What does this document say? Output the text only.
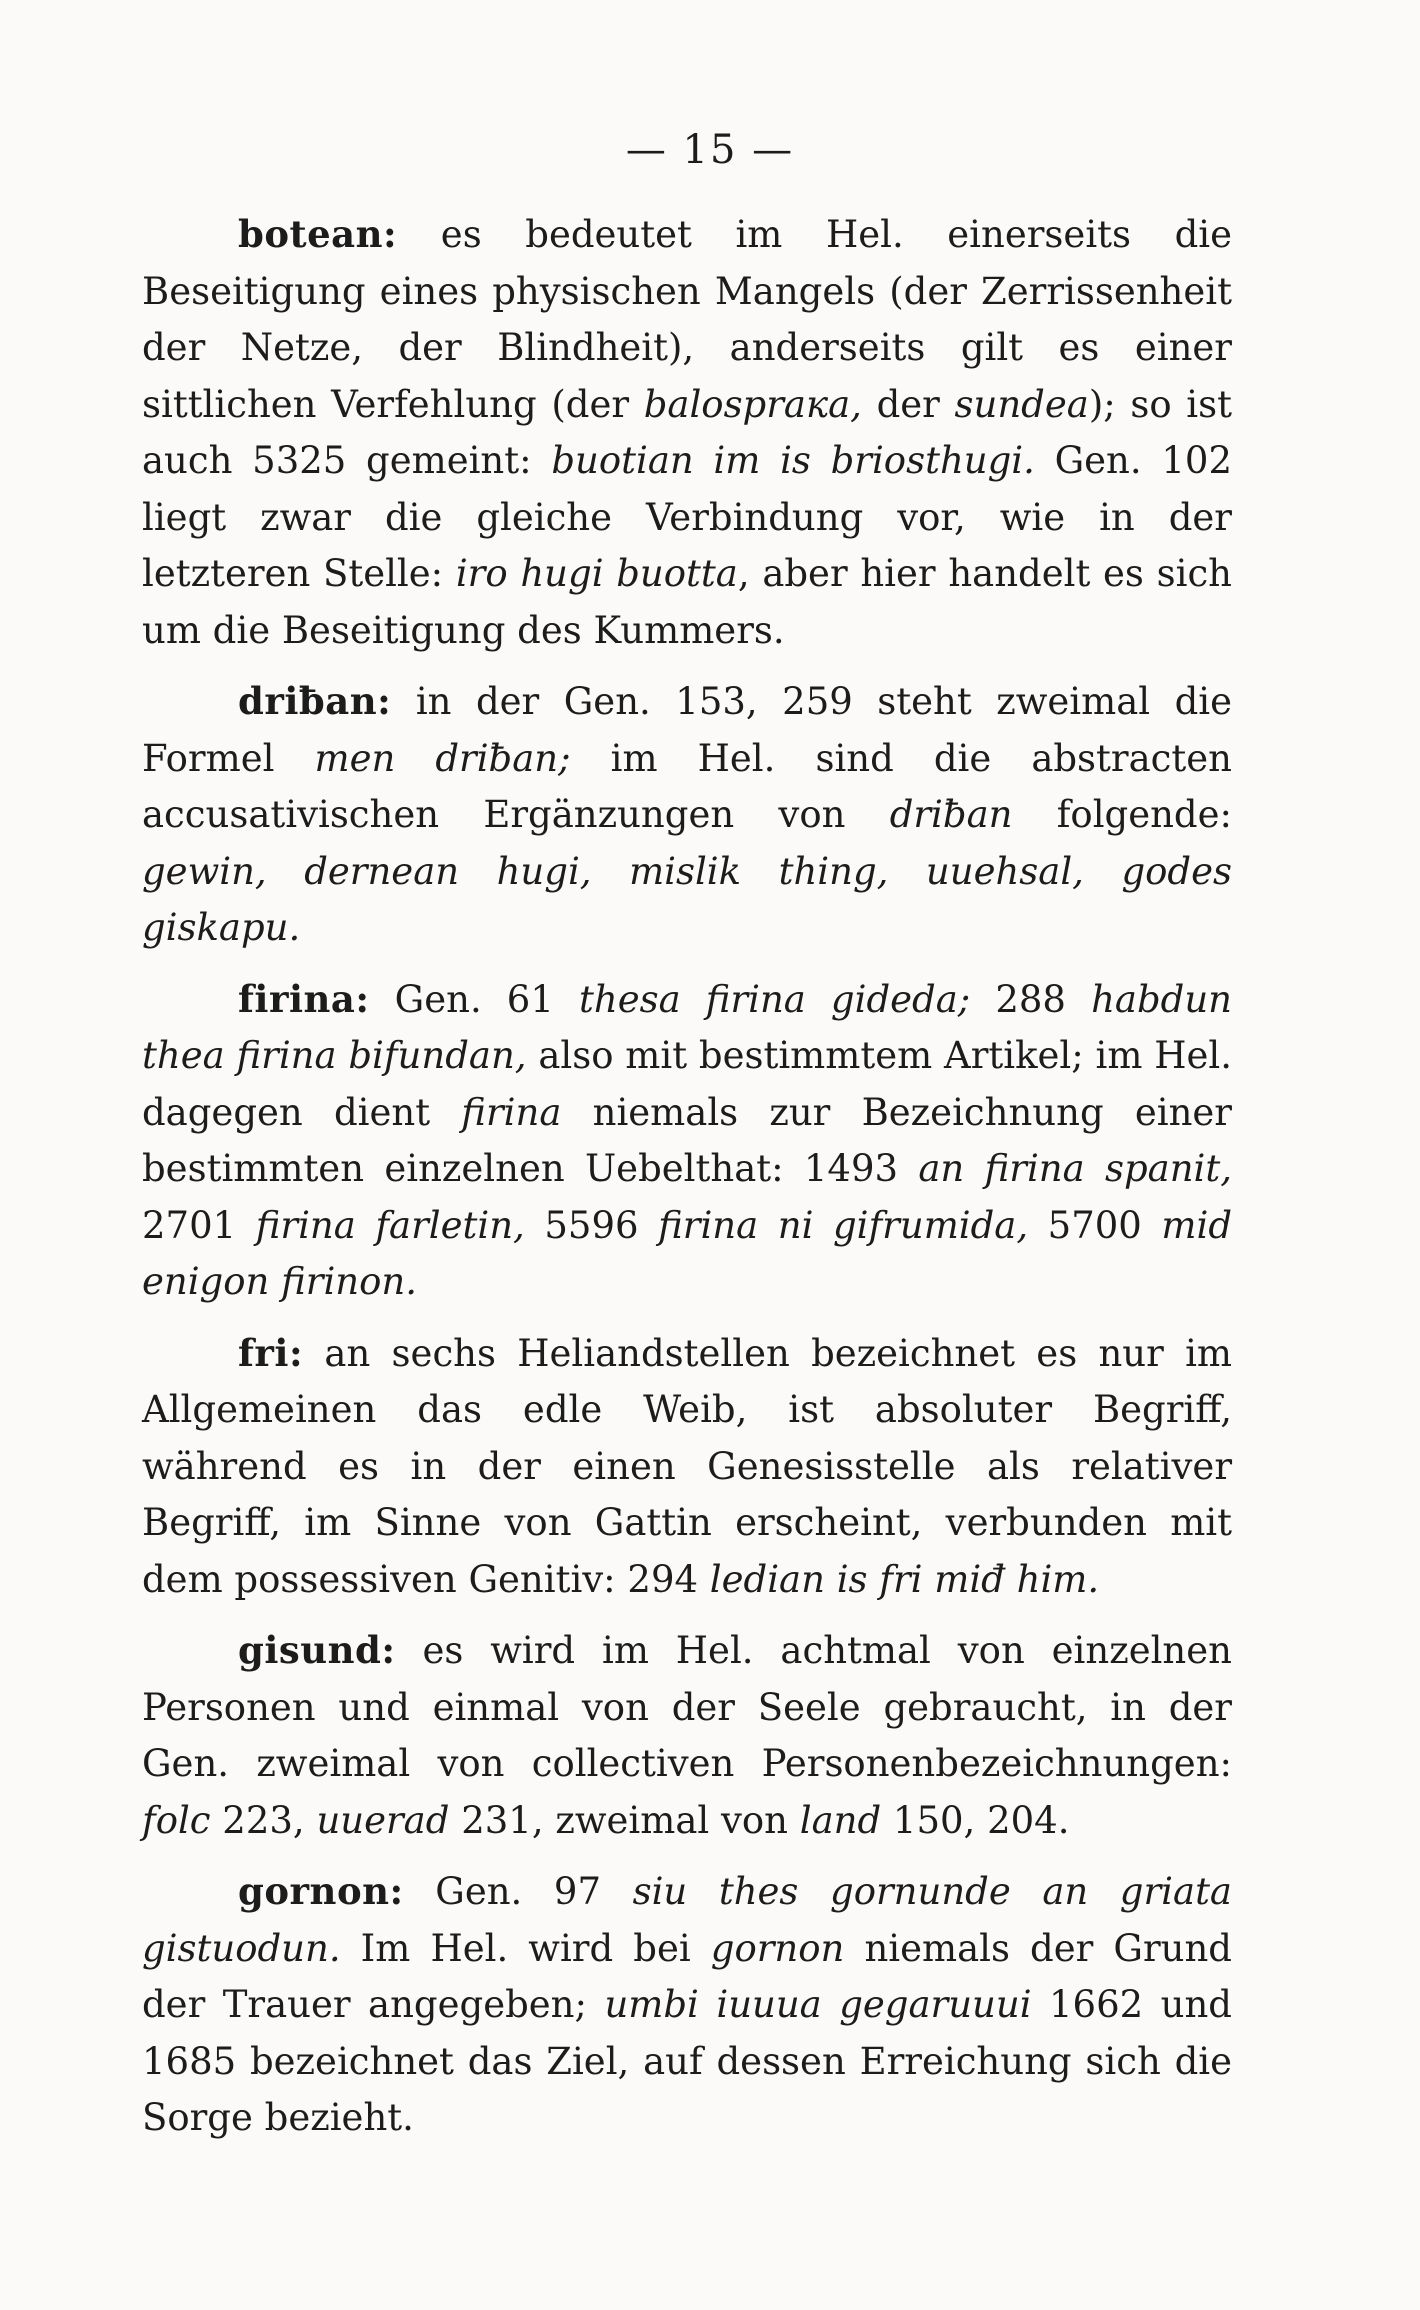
— 15 —

botean: es bedeutet im Hel. einerseits die Beseitigung eines physischen Mangels (der Zerrissenheit der Netze, der Blindheit), anderseits gilt es einer sittlichen Verfehlung (der balosprака, der sundea); so ist auch 5325 gemeint: buotian im is briosthugi. Gen. 102 liegt zwar die gleiche Verbindung vor, wie in der letzteren Stelle: iro hugi buotta, aber hier handelt es sich um die Beseitigung des Kummers.

driƀan: in der Gen. 153, 259 steht zweimal die Formel men driƀan; im Hel. sind die abstracten accusativischen Ergänzungen von driƀan folgende: gewin, dernean hugi, mislik thing, uuehsal, godes giskapu.

firina: Gen. 61 thesa firina gideda; 288 habdun thea firina bifundan, also mit bestimmtem Artikel; im Hel. dagegen dient firina niemals zur Bezeichnung einer bestimmten einzelnen Uebelthat: 1493 an firina spanit, 2701 firina farletin, 5596 firina ni gifrumida, 5700 mid enigon firinon.

fri: an sechs Heliandstellen bezeichnet es nur im Allgemeinen das edle Weib, ist absoluter Begriff, während es in der einen Genesisstelle als relativer Begriff, im Sinne von Gattin erscheint, verbunden mit dem possessiven Genitiv: 294 ledian is fri miđ him.

gisund: es wird im Hel. achtmal von einzelnen Personen und einmal von der Seele gebraucht, in der Gen. zweimal von collectiven Personenbezeichnungen: folc 223, uuerad 231, zweimal von land 150, 204.

gornon: Gen. 97 siu thes gornunde an griata gistuodun. Im Hel. wird bei gornon niemals der Grund der Trauer angegeben; umbi iuuua gegaruuui 1662 und 1685 bezeichnet das Ziel, auf dessen Erreichung sich die Sorge bezieht.
